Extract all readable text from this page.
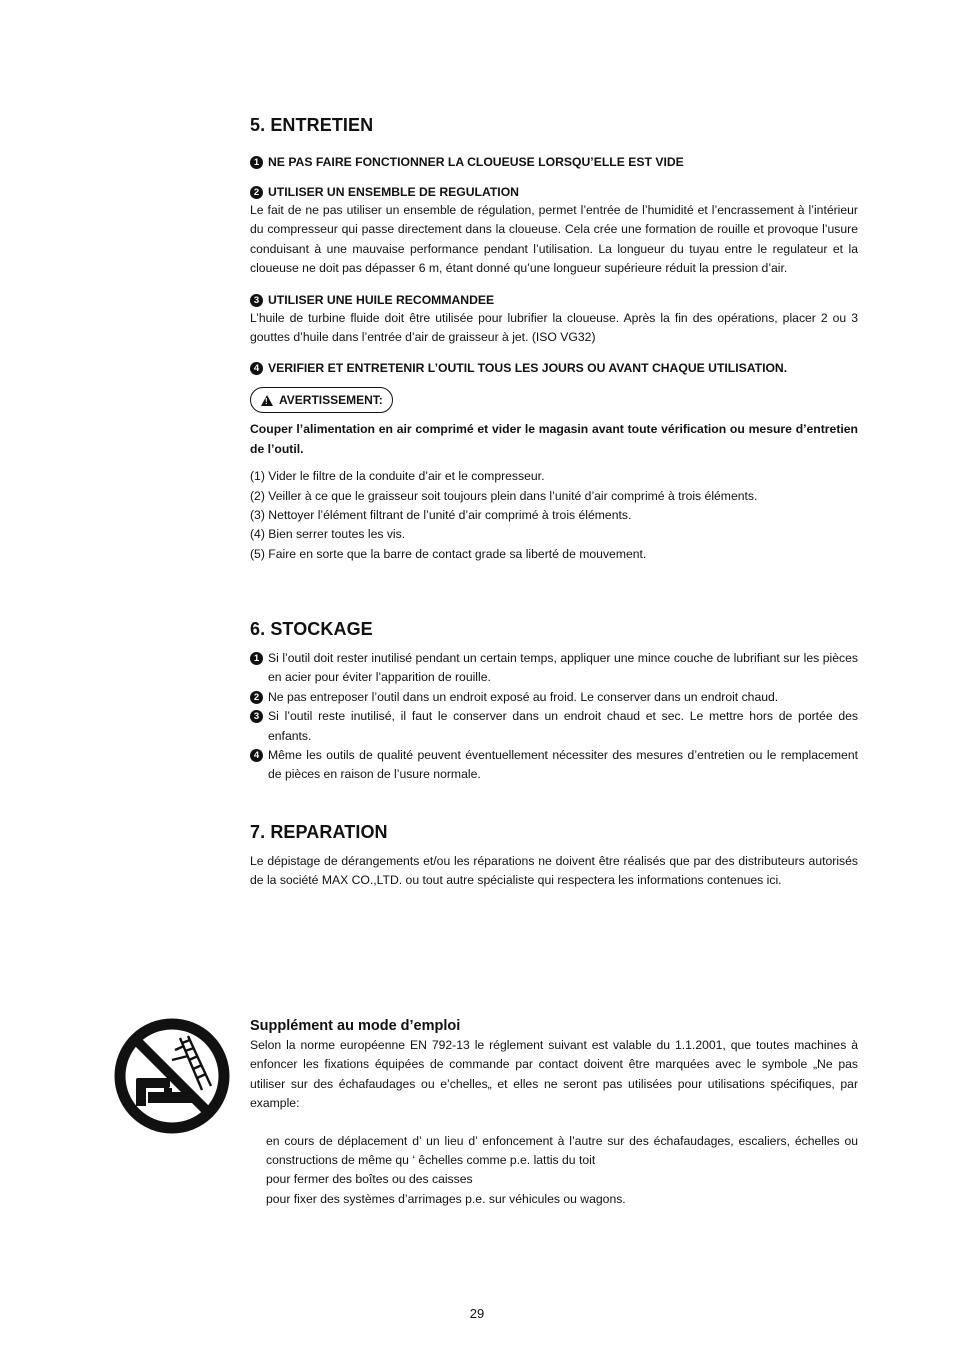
5. ENTRETIEN
1 NE PAS FAIRE FONCTIONNER LA CLOUEUSE LORSQU’ELLE EST VIDE
2 UTILISER UN ENSEMBLE DE REGULATION

Le fait de ne pas utiliser un ensemble de régulation, permet l’entrée de l’humidité et l’encrassement à l’intérieur du compresseur qui passe directement dans la cloueuse. Cela crée une formation de rouille et provoque l’usure conduisant à une mauvaise performance pendant l’utilisation. La longueur du tuyau entre le regulateur et la cloueuse ne doit pas dépasser 6 m, étant donné qu’une longueur supérieure réduit la pression d’air.

3 UTILISER UNE HUILE RECOMMANDEE

L’huile de turbine fluide doit être utilisée pour lubrifier la cloueuse. Après la fin des opérations, placer 2 ou 3 gouttes d’huile dans l’entrée d’air de graisseur à jet. (ISO VG32)

4 VERIFIER ET ENTRETENIR L’OUTIL TOUS LES JOURS OU AVANT CHAQUE UTILISATION.
!
AVERTISSEMENT:

Couper l’alimentation en air comprimé et vider le magasin avant toute vérification ou mesure d’entretien de l’outil.

(1) Vider le filtre de la conduite d’air et le compresseur.
(2) Veiller à ce que le graisseur soit toujours plein dans l’unité d’air comprimé à trois éléments.
(3) Nettoyer l’élément filtrant de l’unité d’air comprimé à trois éléments.
(4) Bien serrer toutes les vis.
(5) Faire en sorte que la barre de contact grade sa liberté de mouvement.
6. STOCKAGE
1 Si l’outil doit rester inutilisé pendant un certain temps, appliquer une mince couche de lubrifiant sur les pièces en acier pour éviter l’apparition de rouille.
2 Ne pas entreposer l’outil dans un endroit exposé au froid. Le conserver dans un endroit chaud.
3 Si l’outil reste inutilisé, il faut le conserver dans un endroit chaud et sec. Le mettre hors de portée des enfants.
4 Même les outils de qualité peuvent éventuellement nécessiter des mesures d’entretien ou le remplacement de pièces en raison de l’usure normale.
7. REPARATION

Le dépistage de dérangements et/ou les réparations ne doivent être réalisés que par des distributeurs autorisés de la société MAX CO.,LTD. ou tout autre spécialiste qui respectera les informations contenues ici.

Supplément au mode d’emploi

Selon la norme européenne EN 792-13 le réglement suivant est valable du 1.1.2001, que toutes machines à enfoncer les fixations équipées de commande par contact doivent être marquées avec le symbole „Ne pas utiliser sur des échafaudages ou e’chelles„ et elles ne seront pas utilisées pour utilisations spécifiques, par example:

en cours de déplacement d’ un lieu d’ enfoncement à l’autre sur des échafaudages, escaliers, échelles ou constructions de même qu ‘ êchelles comme p.e. lattis du toit

pour fermer des boîtes ou des caisses

pour fixer des systèmes d’arrimages p.e. sur véhicules ou wagons.

29
